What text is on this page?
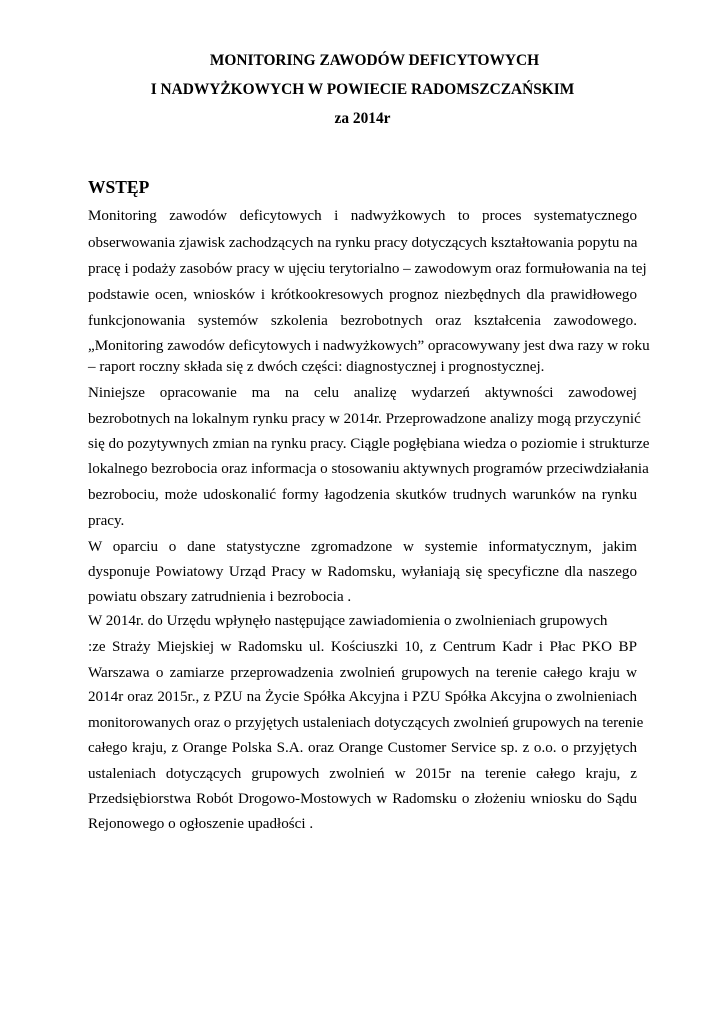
MONITORING ZAWODÓW DEFICYTOWYCH
I NADWYŻKOWYCH W POWIECIE RADOMSZCZAŃSKIM
za 2014r
WSTĘP
Monitoring zawodów deficytowych i nadwyżkowych to proces systematycznego
obserwowania zjawisk zachodzących na rynku pracy dotyczących kształtowania popytu na
pracę i podaży zasobów pracy w ujęciu terytorialno – zawodowym oraz formułowania na tej
podstawie ocen, wniosków i krótkookresowych prognoz niezbędnych dla prawidłowego
funkcjonowania systemów szkolenia bezrobotnych oraz kształcenia zawodowego.
„Monitoring zawodów deficytowych i nadwyżkowych” opracowywany jest dwa razy w roku
– raport roczny składa się z dwóch części: diagnostycznej i prognostycznej.
Niniejsze opracowanie ma na celu analizę wydarzeń aktywności zawodowej
bezrobotnych na lokalnym rynku pracy w 2014r. Przeprowadzone analizy mogą przyczynić
się do pozytywnych zmian na rynku pracy. Ciągle pogłębiana wiedza o poziomie i strukturze
lokalnego bezrobocia oraz informacja o stosowaniu aktywnych programów przeciwdziałania
bezrobociu, może udoskonalić formy łagodzenia skutków trudnych warunków na rynku
pracy.
W oparciu o dane statystyczne zgromadzone w systemie informatycznym, jakim
dysponuje Powiatowy Urząd Pracy w Radomsku, wyłaniają się specyficzne dla naszego
powiatu obszary zatrudnienia i bezrobocia .
W 2014r. do Urzędu wpłynęło następujące zawiadomienia o zwolnieniach grupowych
:ze Straży Miejskiej w Radomsku ul. Kościuszki 10, z Centrum Kadr i Płac PKO BP
Warszawa o zamiarze przeprowadzenia zwolnień grupowych na terenie całego kraju w
2014r oraz 2015r., z PZU na Życie Spółka Akcyjna i PZU Spółka Akcyjna o zwolnieniach
monitorowanych oraz o przyjętych ustaleniach dotyczących zwolnień grupowych na terenie
całego kraju, z Orange Polska S.A. oraz Orange Customer Service sp. z o.o. o przyjętych
ustaleniach dotyczących grupowych zwolnień w 2015r na terenie całego kraju, z
Przedsiębiorstwa Robót Drogowo-Mostowych w Radomsku o złożeniu wniosku do Sądu
Rejonowego o ogłoszenie upadłości .
